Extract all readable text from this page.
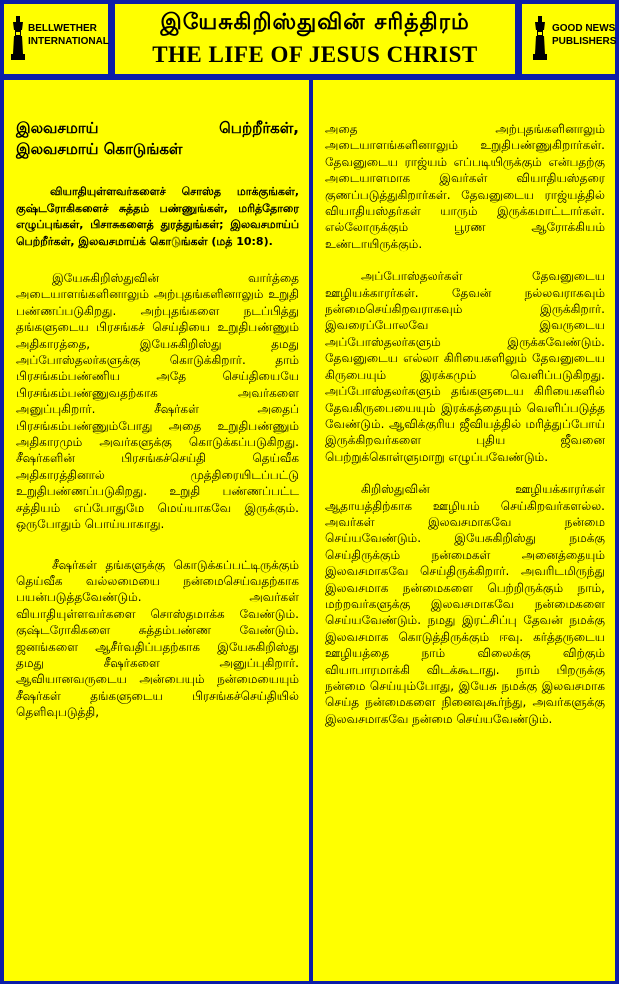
BELLWETHER
INTERNATIONAL
இயேசுகிறிஸ்துவின் சரித்திரம்
THE LIFE OF JESUS CHRIST
GOOD NEWS
PUBLISHERS
இலவசமாய் பெற்றீர்கள்,

இலவசமாய் கொடுங்கள்

வியாதியுள்ளவர்களைச் சொஸ்த மாக்குங்கள், குஷ்டரோகிகளைச் சுத்தம் பண்ணுங்கள், மரித்தோரை எழுப்புங்கள், பிசாசுகளைத் துரத்துங்கள்; இலவசமாய்ப் பெற்றீர்கள், இலவசமாய்க் கொடுங்கள் (மத் 10:8).

இயேசுகிறிஸ்துவின் வார்த்தை அடையாளங்களினாலும் அற்புதங்களினாலும் உறுதி பண்ணப்படுகிறது. அற்புதங்களை நடப்பித்து தங்களுடைய பிரசங்கச் செய்தியை உறுதிபண்ணும் அதிகாரத்தை, இயேசுகிறிஸ்து தமது அப்போஸ்தலர்களுக்கு கொடுக்கிறார். தாம் பிரசங்கம்பண்ணிய அதே செய்தியையே பிரசங்கம்பண்ணுவதற்காக அவர்களை அனுப்புகிறார். சீஷர்கள் அதைப் பிரசங்கம்பண்ணும்போது அதை உறுதிபண்ணும் அதிகாரமும் அவர்களுக்கு கொடுக்கப்படுகிறது. சீஷர்களின் பிரசங்கச்செய்தி தெய்வீக அதிகாரத்தினால் முத்திரையிடப்பட்டு உறுதிபண்ணப்படுகிறது. உறுதி பண்ணப்பட்ட சத்தியம் எப்போதுமே மெய்யாகவே இருக்கும். ஒருபோதும் பொய்யாகாது.

சீஷர்கள் தங்களுக்கு கொடுக்கப்பட்டிருக்கும் தெய்வீக வல்லமையை நன்மைசெய்வதற்காக பயன்படுத்தவேண்டும். அவர்கள் வியாதியுள்ளவர்களை சொஸ்தமாக்க வேண்டும். குஷ்டரோகிகளை சுத்தம்பண்ண வேண்டும். ஜனங்களை ஆசீர்வதிப்பதற்காக இயேசுகிறிஸ்து தமது சீஷர்களை அனுப்புகிறார். ஆவியானவருடைய அன்பையும் நன்மையையும் சீஷர்கள் தங்களுடைய பிரசங்கச்செய்தியில் தெளிவுபடுத்தி,

அதை அற்புதங்களினாலும் அடையாளங்களினாலும் உறுதிபண்ணுகிறார்கள். தேவனுடைய ராஜ்யம் எப்படியிருக்கும் என்பதற்கு அடையாளமாக இவர்கள் வியாதியஸ்தரை குணப்படுத்துகிறார்கள். தேவனுடைய ராஜ்யத்தில் வியாதியஸ்தர்கள் யாரும் இருக்கமாட்டார்கள். எல்லோருக்கும் பூரண ஆரோக்கியம் உண்டாயிருக்கும்.

அப்போஸ்தலர்கள் தேவனுடைய ஊழியக்காரர்கள். தேவன் நல்லவராகவும் நன்மைசெய்கிறவராகவும் இருக்கிறார். இவரைப்போலவே இவருடைய அப்போஸ்தலர்களும் இருக்கவேண்டும். தேவனுடைய எல்லா கிரியைகளிலும் தேவனுடைய கிருபையும் இரக்கமும் வெளிப்படுகிறது. அப்போஸ்தலர்களும் தங்களுடைய கிரியைகளில் தேவகிருபையையும் இரக்கத்தையும் வெளிப்படுத்த வேண்டும். ஆவிக்குரிய ஜீவியத்தில் மரித்துப்போய் இருக்கிறவர்களை புதிய ஜீவனை பெற்றுக்கொள்ளுமாறு எழுப்பவேண்டும்.

கிறிஸ்துவின் ஊழியக்காரர்கள் ஆதாயத்திற்காக ஊழியம் செய்கிறவர்களல்ல. அவர்கள் இலவசமாகவே நன்மை செய்யவேண்டும். இயேசுகிறிஸ்து நமக்கு செய்திருக்கும் நன்மைகள் அனைத்தையும் இலவசமாகவே செய்திருக்கிறார். அவரிடமிருந்து இலவசமாக நன்மைகளை பெற்றிருக்கும் நாம், மற்றவர்களுக்கு இலவசமாகவே நன்மைகளை செய்யவேண்டும். நமது இரட்சிப்பு தேவன் நமக்கு இலவசமாக கொடுத்திருக்கும் ஈவு. கர்த்தருடைய ஊழியத்தை நாம் விலைக்கு விற்கும் வியாபாரமாக்கி விடக்கூடாது. நாம் பிறருக்கு நன்மை செய்யும்போது, இயேசு நமக்கு இலவசமாக செய்த நன்மைகளை நினைவுகூர்ந்து, அவர்களுக்கு இலவசமாகவே நன்மை செய்யவேண்டும்.
